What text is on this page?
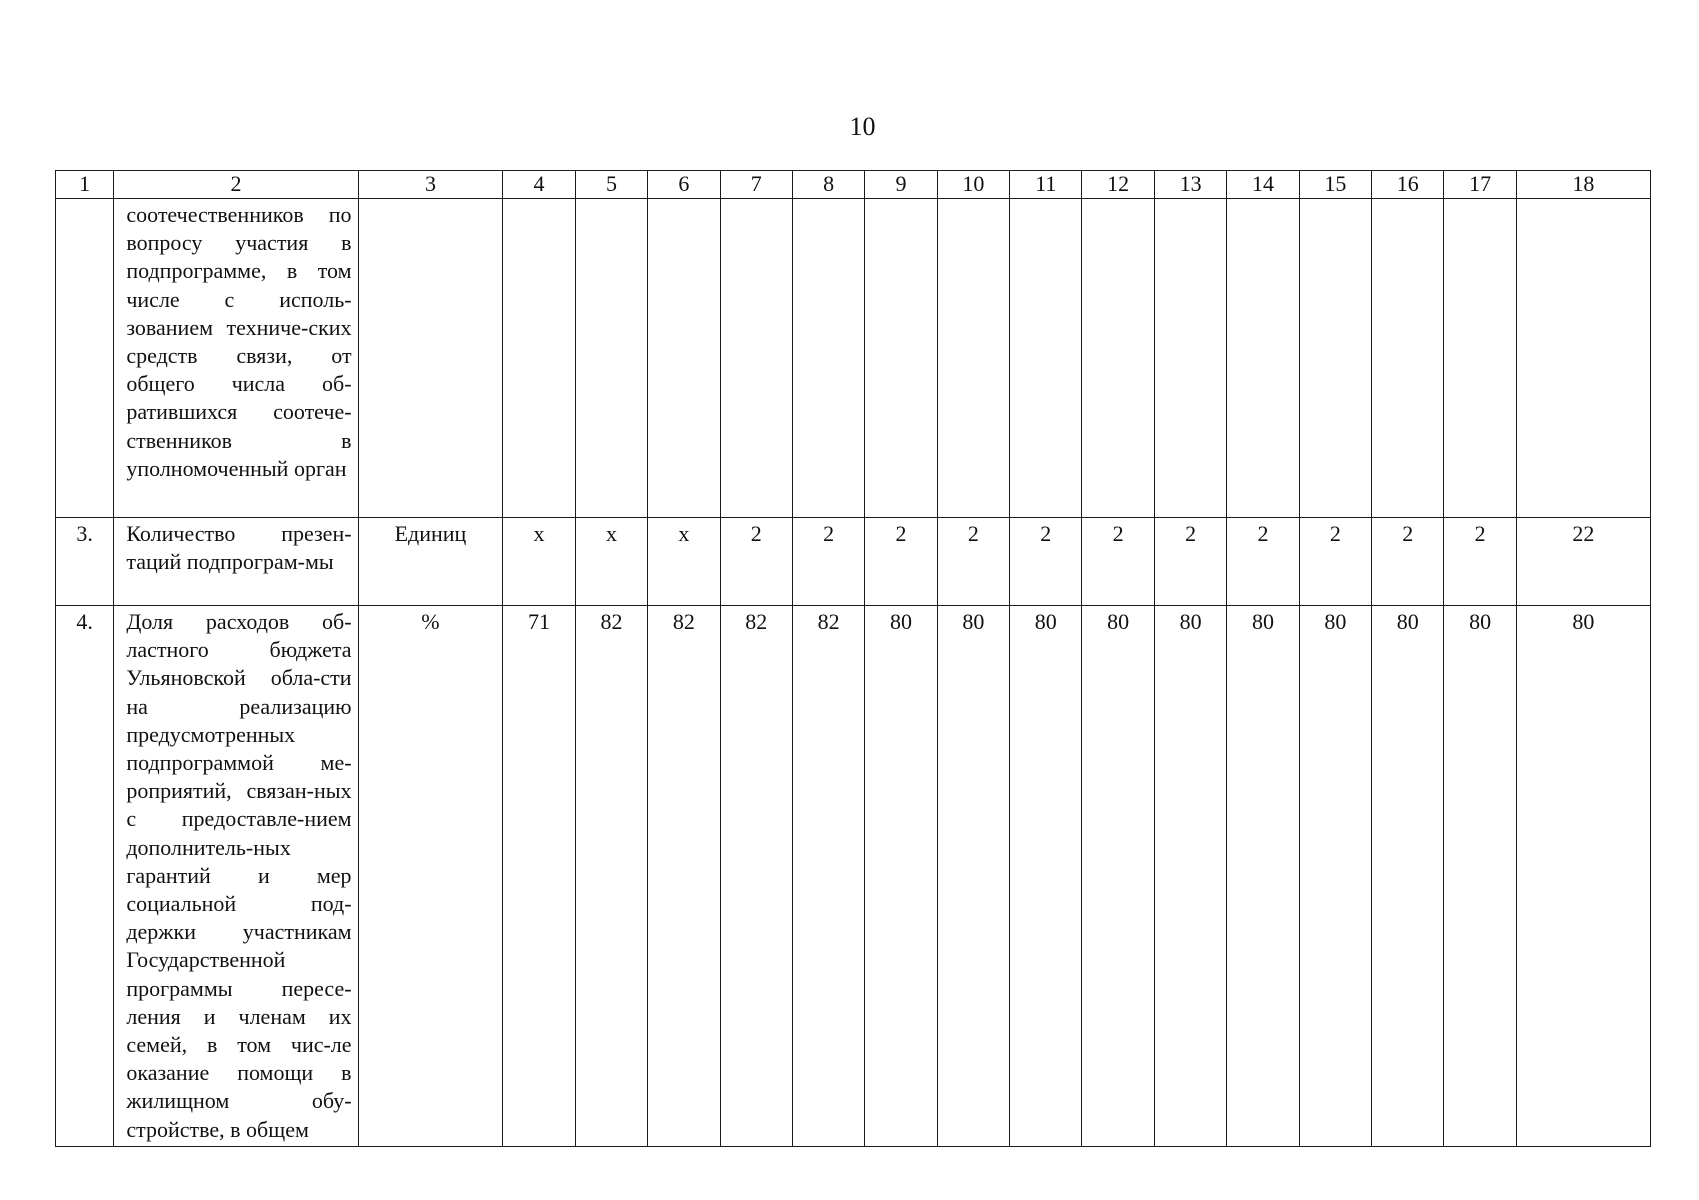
10
1	2	3	4	5	6	7	8	9	10	11	12	13	14	15	16	17	18
	соотечественников по вопросу участия в подпрограмме, в том числе с исполь-зованием техниче-ских средств связи, от общего числа об-ратившихся соотече-ственников в уполномоченный орган																
3.	Количество презен-таций подпрограм-мы	Единиц	х	х	х	2	2	2	2	2	2	2	2	2	2	2	22
4.	Доля расходов об-ластного бюджета Ульяновской обла-сти на реализацию предусмотренных подпрограммой ме-роприятий, связан-ных с предоставле-нием дополнитель-ных гарантий и мер социальной под-держки участникам Государственной программы пересе-ления и членам их семей, в том чис-ле оказание помощи в жилищном обу-стройстве, в общем	%	71	82	82	82	82	80	80	80	80	80	80	80	80	80	80
